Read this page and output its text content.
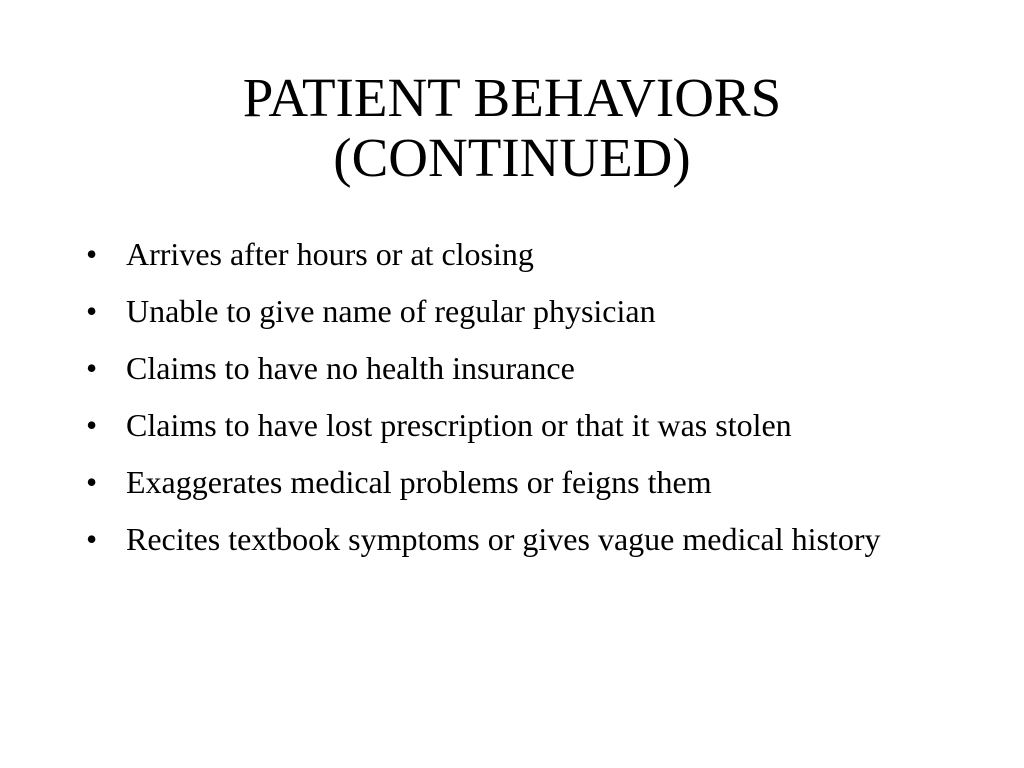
PATIENT BEHAVIORS
(CONTINUED)
• Arrives after hours or at closing
• Unable to give name of regular physician
• Claims to have no health insurance
• Claims to have lost prescription or that it was stolen
• Exaggerates medical problems or feigns them
• Recites textbook symptoms or gives vague medical history
